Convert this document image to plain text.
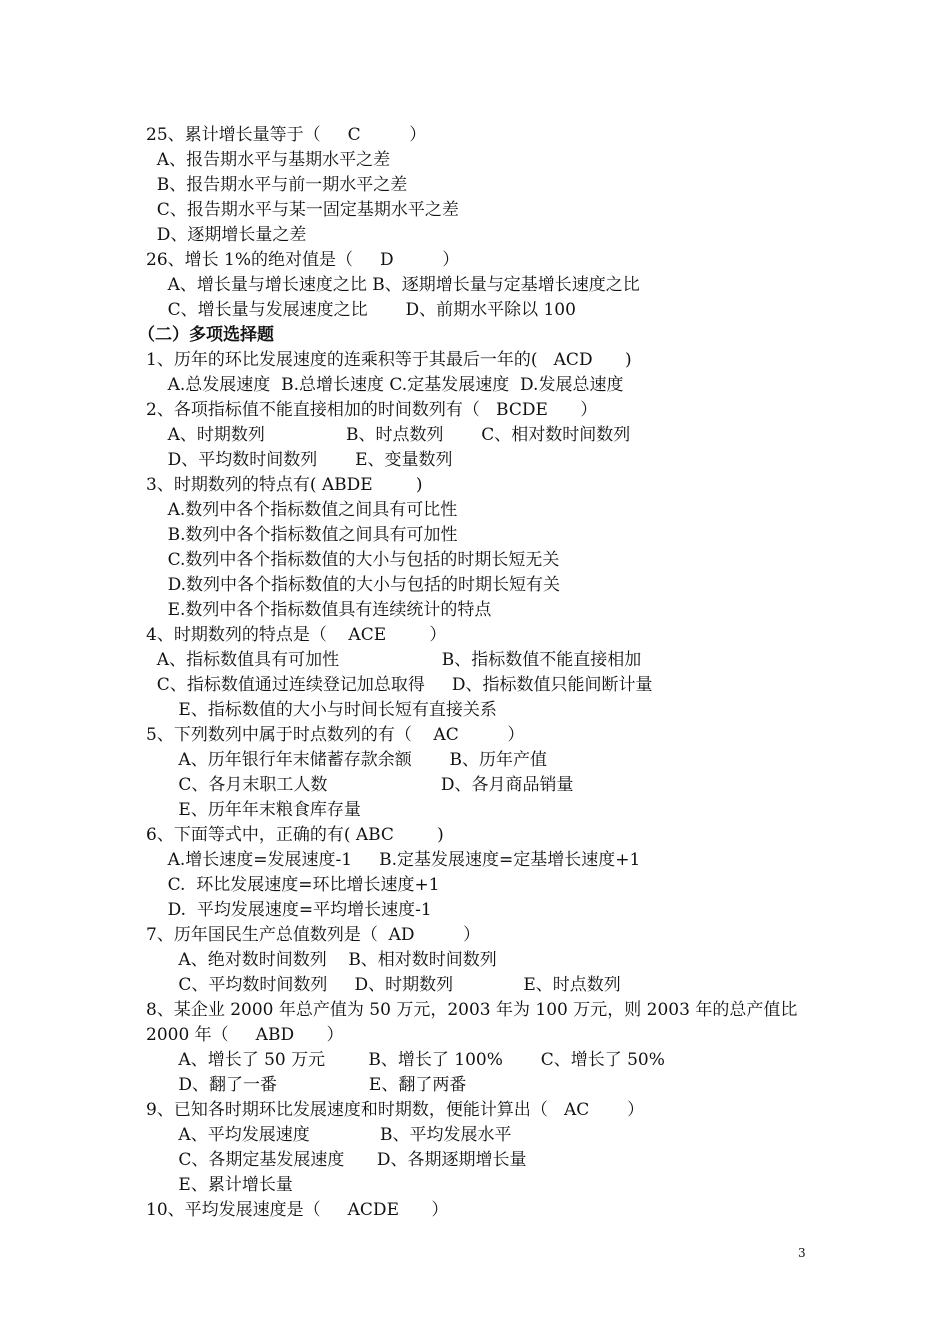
25、累计增长量等于（     C         ）
A、报告期水平与基期水平之差
B、报告期水平与前一期水平之差
C、报告期水平与某一固定基期水平之差
D、逐期增长量之差
26、增长 1%的绝对值是（     D         ）
A、增长量与增长速度之比 B、逐期增长量与定基增长速度之比
C、增长量与发展速度之比       D、前期水平除以 100
（二）多项选择题
1、历年的环比发展速度的连乘积等于其最后一年的(   ACD      )
A.总发展速度  B.总增长速度 C.定基发展速度  D.发展总速度
2、各项指标值不能直接相加的时间数列有（   BCDE      ）
A、时期数列               B、时点数列       C、相对数时间数列
D、平均数时间数列       E、变量数列
3、时期数列的特点有( ABDE        )
A.数列中各个指标数值之间具有可比性
B.数列中各个指标数值之间具有可加性
C.数列中各个指标数值的大小与包括的时期长短无关
D.数列中各个指标数值的大小与包括的时期长短有关
E.数列中各个指标数值具有连续统计的特点
4、时期数列的特点是（    ACE        ）
A、指标数值具有可加性                   B、指标数值不能直接相加
C、指标数值通过连续登记加总取得     D、指标数值只能间断计量
E、指标数值的大小与时间长短有直接关系
5、下列数列中属于时点数列的有（    AC         ）
A、历年银行年末储蓄存款余额       B、历年产值
C、各月末职工人数                     D、各月商品销量
E、历年年末粮食库存量
6、下面等式中，正确的有( ABC        )
A.增长速度=发展速度-1     B.定基发展速度=定基增长速度+1
C.  环比发展速度=环比增长速度+1
D.  平均发展速度=平均增长速度-1
7、历年国民生产总值数列是（  AD         ）
A、绝对数时间数列    B、相对数时间数列
C、平均数时间数列     D、时期数列             E、时点数列
8、某企业 2000 年总产值为 50 万元，2003 年为 100 万元，则 2003 年的总产值比
2000 年（     ABD      ）
A、增长了 50 万元        B、增长了 100%       C、增长了 50%
D、翻了一番                 E、翻了两番
9、已知各时期环比发展速度和时期数，便能计算出（   AC       ）
A、平均发展速度             B、平均发展水平
C、各期定基发展速度      D、各期逐期增长量
E、累计增长量
10、平均发展速度是（     ACDE      ）
3
